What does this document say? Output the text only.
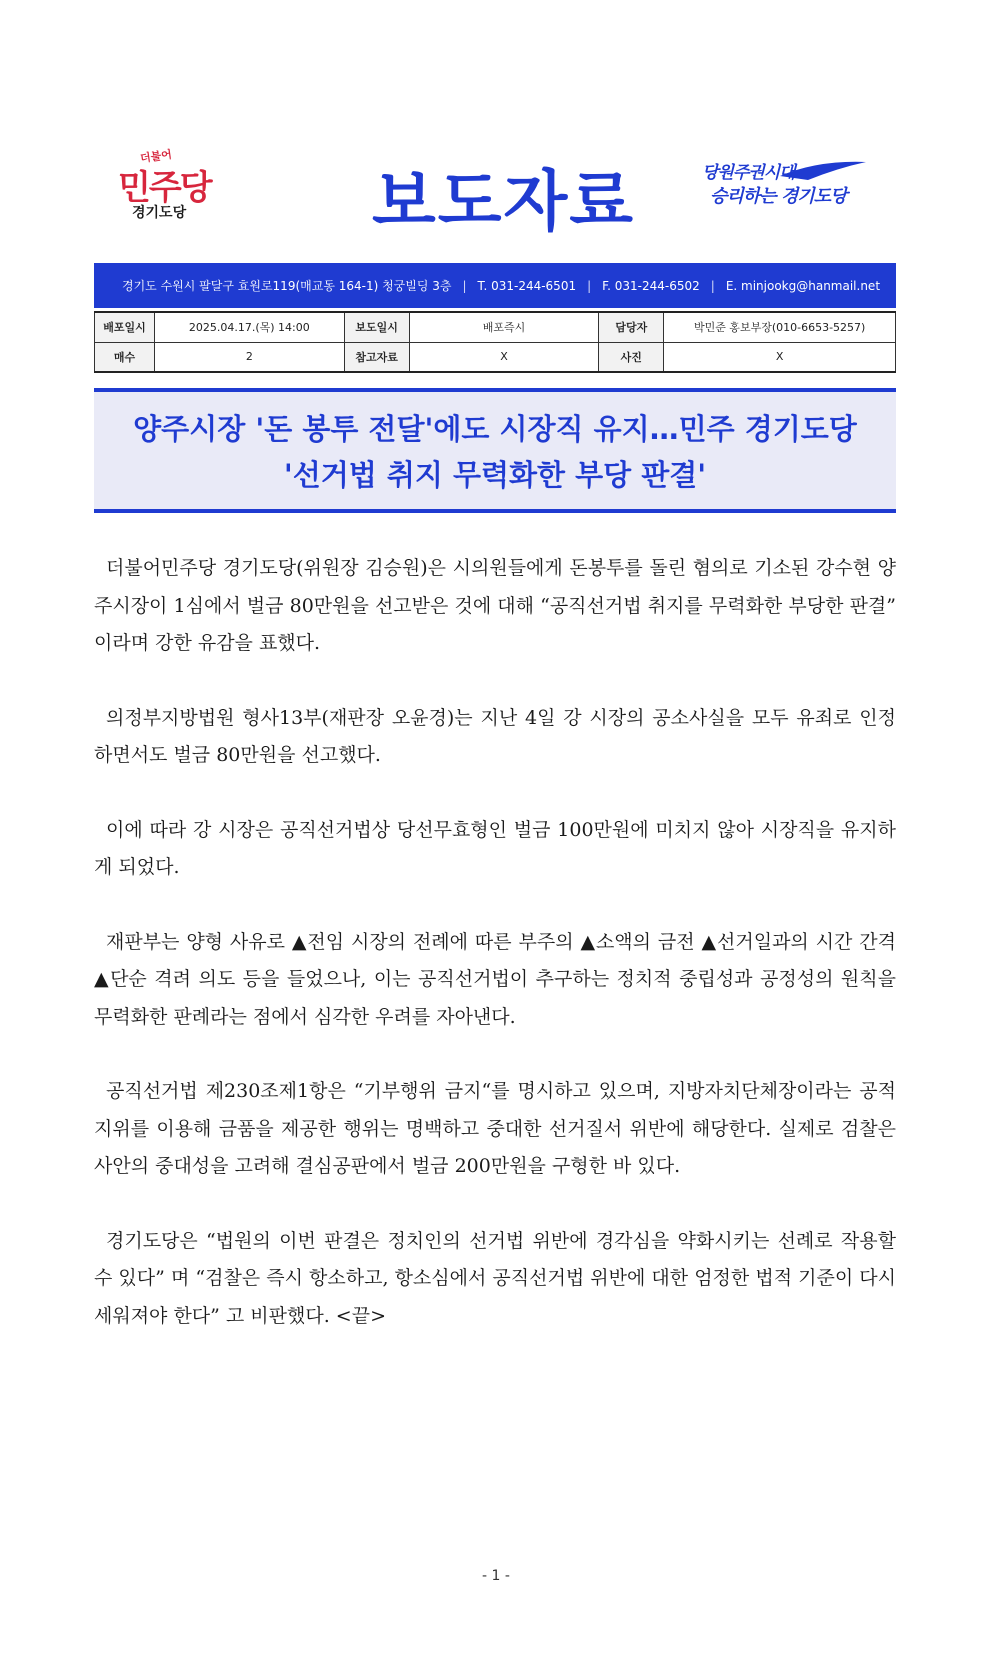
더불어
민주당
경기도당	보도자료	당원주권시대
승리하는 경기도당
경기도 수원시 팔달구 효원로119(매교동 164-1) 청궁빌딩 3층 | T. 031-244-6501 | F. 031-244-6502 | E. minjookg@hanmail.net
배포일시	2025.04.17.(목) 14:00	보도일시	배포즉시	담당자	박민준 홍보부장(010-6653-5257)
매수	2	참고자료	X	사진	X
양주시장 '돈 봉투 전달'에도 시장직 유지…민주 경기도당
'선거법 취지 무력화한 부당 판결'

더불어민주당 경기도당(위원장 김승원)은 시의원들에게 돈봉투를 돌린 혐의로 기소된 강수현 양주시장이 1심에서 벌금 80만원을 선고받은 것에 대해 “공직선거법 취지를 무력화한 부당한 판결” 이라며 강한 유감을 표했다.

의정부지방법원 형사13부(재판장 오윤경)는 지난 4일 강 시장의 공소사실을 모두 유죄로 인정하면서도 벌금 80만원을 선고했다.

이에 따라 강 시장은 공직선거법상 당선무효형인 벌금 100만원에 미치지 않아 시장직을 유지하게 되었다.

재판부는 양형 사유로 ▲전임 시장의 전례에 따른 부주의 ▲소액의 금전 ▲선거일과의 시간 간격 ▲단순 격려 의도 등을 들었으나, 이는 공직선거법이 추구하는 정치적 중립성과 공정성의 원칙을 무력화한 판례라는 점에서 심각한 우려를 자아낸다.

공직선거법 제230조제1항은 “기부행위 금지“를 명시하고 있으며, 지방자치단체장이라는 공적 지위를 이용해 금품을 제공한 행위는 명백하고 중대한 선거질서 위반에 해당한다. 실제로 검찰은 사안의 중대성을 고려해 결심공판에서 벌금 200만원을 구형한 바 있다.

경기도당은 “법원의 이번 판결은 정치인의 선거법 위반에 경각심을 약화시키는 선례로 작용할 수 있다” 며 “검찰은 즉시 항소하고, 항소심에서 공직선거법 위반에 대한 엄정한 법적 기준이 다시 세워져야 한다” 고 비판했다. <끝>

- 1 -
